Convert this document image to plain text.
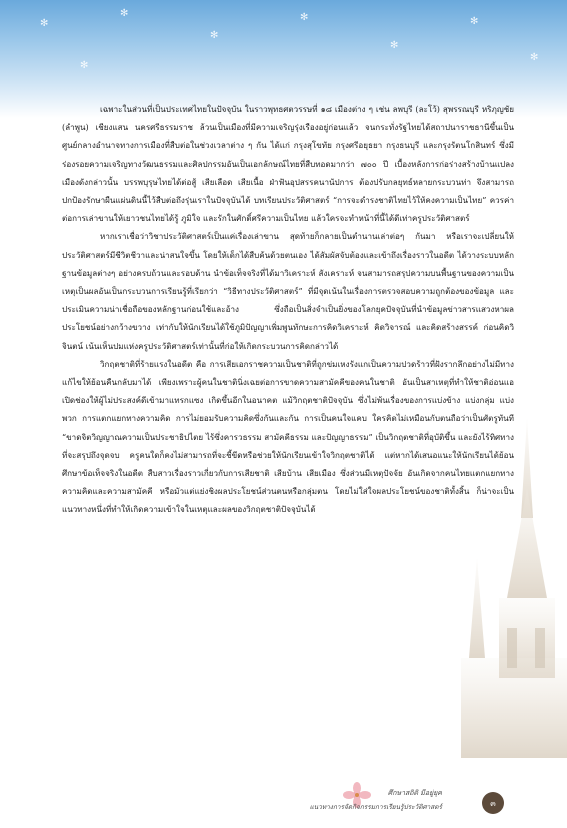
✻
✻
✻
✻
✻
✻
✻
✻

เฉพาะในส่วนที่เป็นประเทศไทยในปัจจุบัน ในราวพุทธศตวรรษที่ ๑๘ เมืองต่าง ๆ เช่น ลพบุรี (ละโว้) สุพรรณบุรี หริภุญชัย (ลำพูน) เชียงแสน นครศรีธรรมราช ล้วนเป็นเมืองที่มีความเจริญรุ่งเรืองอยู่ก่อนแล้ว จนกระทั่งรัฐไทยได้สถาปนาราชธานีขึ้นเป็นศูนย์กลางอำนาจทางการเมืองที่สืบต่อในช่วงเวลาต่าง ๆ กัน ได้แก่ กรุงสุโขทัย กรุงศรีอยุธยา กรุงธนบุรี และกรุงรัตนโกสินทร์ ซึ่งมีร่องรอยความเจริญทางวัฒนธรรมและศิลปกรรมอันเป็นเอกลักษณ์ไทยที่สืบทอดมากว่า ๗๐๐ ปี เบื้องหลังการก่อร่างสร้างบ้านแปลงเมืองดังกล่าวนั้น บรรพบุรุษไทยได้ต่อสู้ เสียเลือด เสียเนื้อ ฝ่าฟันอุปสรรคนานัปการ ต้องปรับกลยุทธ์หลายกระบวนท่า จึงสามารถปกป้องรักษาผืนแผ่นดินนี้ไว้สืบต่อถึงรุ่นเราในปัจจุบันได้ บทเรียนประวัติศาสตร์ “การจะดำรงชาติไทยไว้ให้คงความเป็นไทย” ควรค่าต่อการเล่าขานให้เยาวชนไทยได้รู้ ภูมิใจ และรักในศักดิ์ศรีความเป็นไทย แล้วใครจะทำหน้าที่นี้ได้ดีเท่าครูประวัติศาสตร์

หากเราเชื่อว่าวิชาประวัติศาสตร์เป็นแค่เรื่องเล่าขาน สุดท้ายก็กลายเป็นตำนานเล่าต่อๆ กันมา หรือเราจะเปลี่ยนให้ประวัติศาสตร์มีชีวิตชีวาและน่าสนใจขึ้น โดยให้เด็กได้สืบค้นด้วยตนเอง ได้สัมผัสจับต้องและเข้าถึงเรื่องราวในอดีต ได้วางระบบหลักฐานข้อมูลต่างๆ อย่างครบถ้วนและรอบด้าน นำข้อเท็จจริงที่ได้มาวิเคราะห์ สังเคราะห์ จนสามารถสรุปความบนพื้นฐานของความเป็นเหตุเป็นผลอันเป็นกระบวนการเรียนรู้ที่เรียกว่า “วิธีทางประวัติศาสตร์” ที่มีจุดเน้นในเรื่องการตรวจสอบความถูกต้องของข้อมูล และประเมินความน่าเชื่อถือของหลักฐานก่อนใช้และอ้าง ซึ่งถือเป็นสิ่งจำเป็นยิ่งของโลกยุคปัจจุบันที่นำข้อมูลข่าวสารแสวงหาผลประโยชน์อย่างกว้างขวาง เท่ากับให้นักเรียนได้ใช้ภูมิปัญญาเพิ่มพูนทักษะการคิดวิเคราะห์ คิดวิจารณ์ และคิดสร้างสรรค์ ก่อนคิดวิจินตน์ เน้นเห็นปมแห่งครูประวัติศาสตร์เท่านั้นที่ก่อให้เกิดกระบวนการคิดกล่าวได้

วิกฤตชาติที่ร้ายแรงในอดีต คือ การเสียเอกราชความเป็นชาติที่ถูกข่มเหงรังแกเป็นความปวดร้าวที่ฝังรากลึกอย่างไม่มีทางแก้ไขให้ย้อนคืนกลับมาได้ เพียงเพราะผู้คนในชาตินิ่งเฉยต่อการขาดความสามัคคีของคนในชาติ อันเป็นสาเหตุที่ทำให้ชาติอ่อนแอเปิดช่องให้ผู้ไม่ประสงค์ดีเข้ามาแทรกแซง เกิดขึ้นอีกในอนาคต แม้วิกฤตชาติปัจจุบัน ซึ่งไม่พ้นเรื่องของการแบ่งข้าง แบ่งกลุ่ม แบ่งพวก การแตกแยกทางความคิด การไม่ยอมรับความคิดซึ่งกันและกัน การเป็นคนใจแคบ ใครคิดไม่เหมือนกับตนถือว่าเป็นศัตรูทันที “ขาดจิตวิญญาณความเป็นประชาธิปไตย ไร้ซึ่งคารวธรรม สามัคคีธรรม และปัญญาธรรม” เป็นวิกฤตชาติที่อุบัติขึ้น และยังไร้ทิศทางที่จะสรุปถึงจุดจบ ครูคนใดก็คงไม่สามารถที่จะชี้ขีดหรือช่วยให้นักเรียนเข้าใจวิกฤตชาติได้ แต่หากได้เสนอแนะให้นักเรียนได้ย้อนศึกษาข้อเท็จจริงในอดีต สืบสาวเรื่องราวเกี่ยวกับการเสียชาติ เสียบ้าน เสียเมือง ซึ่งส่วนมีเหตุปัจจัย อันเกิดจากคนไทยแตกแยกทางความคิดและความสามัคคี หรือมัวแต่แย่งชิงผลประโยชน์ส่วนตนหรือกลุ่มตน โดยไม่ใส่ใจผลประโยชน์ของชาติทั้งสิ้น ก็น่าจะเป็นแนวทางหนึ่งที่ทำให้เกิดความเข้าใจในเหตุและผลของวิกฤตชาติปัจจุบันได้

ศึกษาสถิติ มีอยู่ยุค
แนวทางการจัดกิจกรรมการเรียนรู้ประวัติศาสตร์	๓
